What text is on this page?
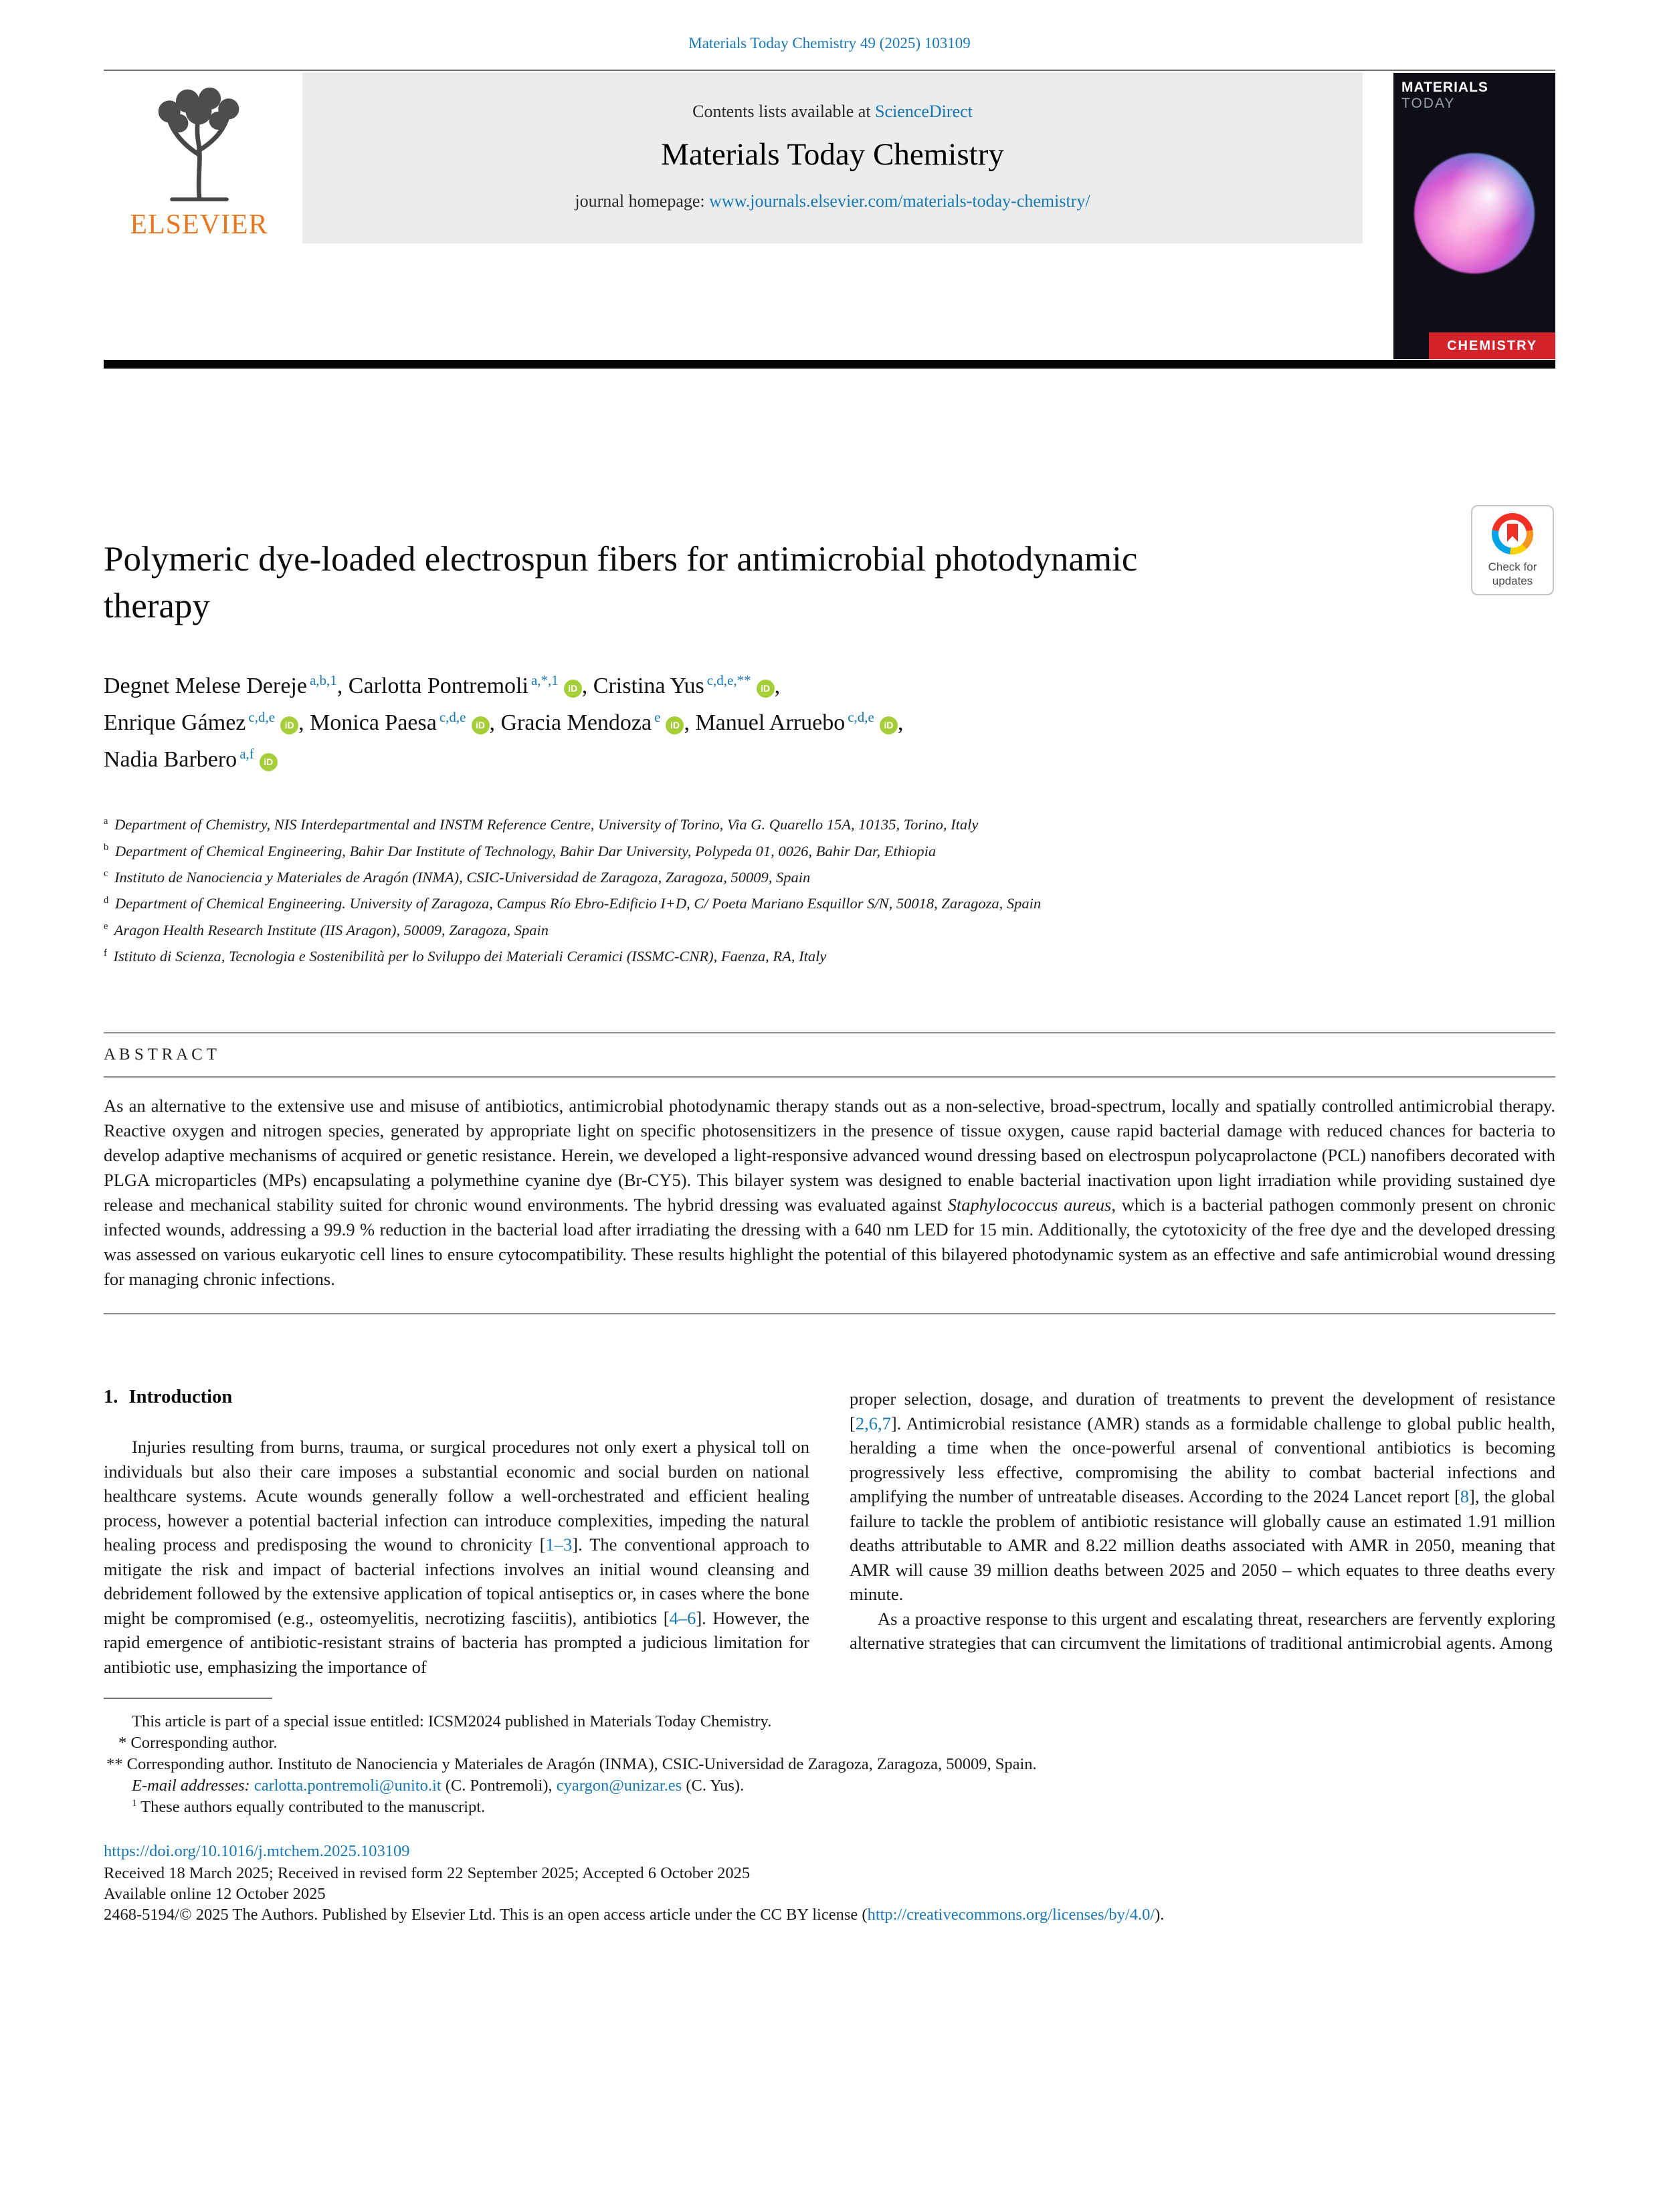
Materials Today Chemistry 49 (2025) 103109
ELSEVIER
Contents lists available at ScienceDirect
Materials Today Chemistry
journal homepage: www.journals.elsevier.com/materials-today-chemistry/
MATERIALS
TODAY
CHEMISTRY
Polymeric dye-loaded electrospun fibers for antimicrobial photodynamic therapy
Check for
updates
Degnet Melese Dereje $^{a,b,1}$, Carlotta Pontremoli $^{a,*,1}$iD , Cristina Yus $^{c,d,e,**}$iD ,
Enrique Gámez $^{c,d,e}$iD , Monica Paesa $^{c,d,e}$iD , Gracia Mendoza $^e$iD , Manuel Arruebo $^{c,d,e}$iD ,
Nadia Barbero $^{a,f}$iD
$^a$ Department of Chemistry, NIS Interdepartmental and INSTM Reference Centre, University of Torino, Via G. Quarello 15A, 10135, Torino, Italy
$^b$ Department of Chemical Engineering, Bahir Dar Institute of Technology, Bahir Dar University, Polypeda 01, 0026, Bahir Dar, Ethiopia
$^c$ Instituto de Nanociencia y Materiales de Aragón (INMA), CSIC-Universidad de Zaragoza, Zaragoza, 50009, Spain
$^d$ Department of Chemical Engineering. University of Zaragoza, Campus Río Ebro-Edificio I+D, C/ Poeta Mariano Esquillor S/N, 50018, Zaragoza, Spain
$^e$ Aragon Health Research Institute (IIS Aragon), 50009, Zaragoza, Spain
$^f$ Istituto di Scienza, Tecnologia e Sostenibilità per lo Sviluppo dei Materiali Ceramici (ISSMC-CNR), Faenza, RA, Italy
A B S T R A C T

As an alternative to the extensive use and misuse of antibiotics, antimicrobial photodynamic therapy stands out as a non-selective, broad-spectrum, locally and spatially controlled antimicrobial therapy. Reactive oxygen and nitrogen species, generated by appropriate light on specific photosensitizers in the presence of tissue oxygen, cause rapid bacterial damage with reduced chances for bacteria to develop adaptive mechanisms of acquired or genetic resistance. Herein, we developed a light-responsive advanced wound dressing based on electrospun polycaprolactone (PCL) nanofibers decorated with PLGA microparticles (MPs) encapsulating a polymethine cyanine dye (Br-CY5). This bilayer system was designed to enable bacterial inactivation upon light irradiation while providing sustained dye release and mechanical stability suited for chronic wound environments. The hybrid dressing was evaluated against Staphylococcus aureus, which is a bacterial pathogen commonly present on chronic infected wounds, addressing a 99.9 % reduction in the bacterial load after irradiating the dressing with a 640 nm LED for 15 min. Additionally, the cytotoxicity of the free dye and the developed dressing was assessed on various eukaryotic cell lines to ensure cytocompatibility. These results highlight the potential of this bilayered photodynamic system as an effective and safe antimicrobial wound dressing for managing chronic infections.

1. Introduction

Injuries resulting from burns, trauma, or surgical procedures not only exert a physical toll on individuals but also their care imposes a substantial economic and social burden on national healthcare systems. Acute wounds generally follow a well-orchestrated and efficient healing process, however a potential bacterial infection can introduce complexities, impeding the natural healing process and predisposing the wound to chronicity [1–3]. The conventional approach to mitigate the risk and impact of bacterial infections involves an initial wound cleansing and debridement followed by the extensive application of topical antiseptics or, in cases where the bone might be compromised (e.g., osteomyelitis, necrotizing fasciitis), antibiotics [4–6]. However, the rapid emergence of antibiotic-resistant strains of bacteria has prompted a judicious limitation for antibiotic use, emphasizing the importance of

proper selection, dosage, and duration of treatments to prevent the development of resistance [2,6,7]. Antimicrobial resistance (AMR) stands as a formidable challenge to global public health, heralding a time when the once-powerful arsenal of conventional antibiotics is becoming progressively less effective, compromising the ability to combat bacterial infections and amplifying the number of untreatable diseases. According to the 2024 Lancet report [8], the global failure to tackle the problem of antibiotic resistance will globally cause an estimated 1.91 million deaths attributable to AMR and 8.22 million deaths associated with AMR in 2050, meaning that AMR will cause 39 million deaths between 2025 and 2050 – which equates to three deaths every minute.

As a proactive response to this urgent and escalating threat, researchers are fervently exploring alternative strategies that can circumvent the limitations of traditional antimicrobial agents. Among

This article is part of a special issue entitled: ICSM2024 published in Materials Today Chemistry.

* Corresponding author.

** Corresponding author. Instituto de Nanociencia y Materiales de Aragón (INMA), CSIC-Universidad de Zaragoza, Zaragoza, 50009, Spain.

E-mail addresses: carlotta.pontremoli@unito.it (C. Pontremoli), cyargon@unizar.es (C. Yus).

$^1$ These authors equally contributed to the manuscript.

https://doi.org/10.1016/j.mtchem.2025.103109

Received 18 March 2025; Received in revised form 22 September 2025; Accepted 6 October 2025

Available online 12 October 2025

2468-5194/© 2025 The Authors. Published by Elsevier Ltd. This is an open access article under the CC BY license (http://creativecommons.org/licenses/by/4.0/).
